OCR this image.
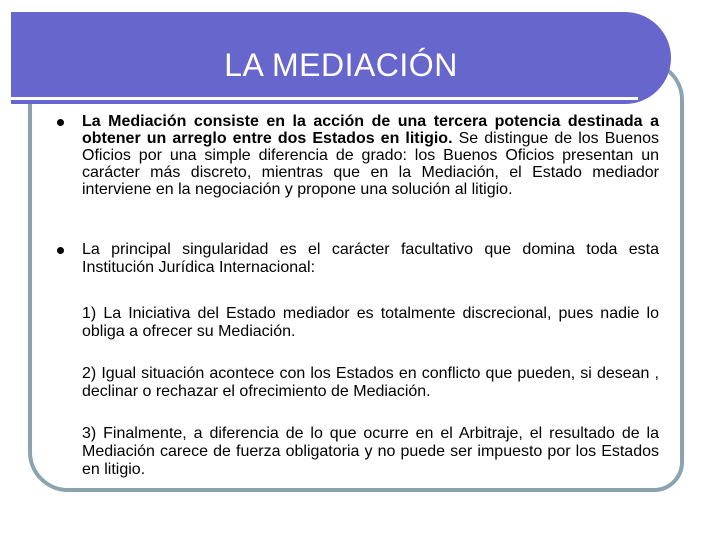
LA MEDIACIÓN
La Mediación consiste en la acción de una tercera potencia destinada a obtener un arreglo entre dos Estados en litigio. Se distingue de los Buenos Oficios por una simple diferencia de grado: los Buenos Oficios presentan un carácter más discreto, mientras que en la Mediación, el Estado mediador interviene en la negociación y propone una solución al litigio.
La principal singularidad es el carácter facultativo que domina toda esta Institución Jurídica Internacional:
1) La Iniciativa del Estado mediador es totalmente discrecional, pues nadie lo obliga a ofrecer su Mediación.
2) Igual situación acontece con los Estados en conflicto que pueden, si desean , declinar o rechazar el ofrecimiento de Mediación.
3) Finalmente, a diferencia de lo que ocurre en el Arbitraje, el resultado de la Mediación carece de fuerza obligatoria y no puede ser impuesto por los Estados en litigio.
